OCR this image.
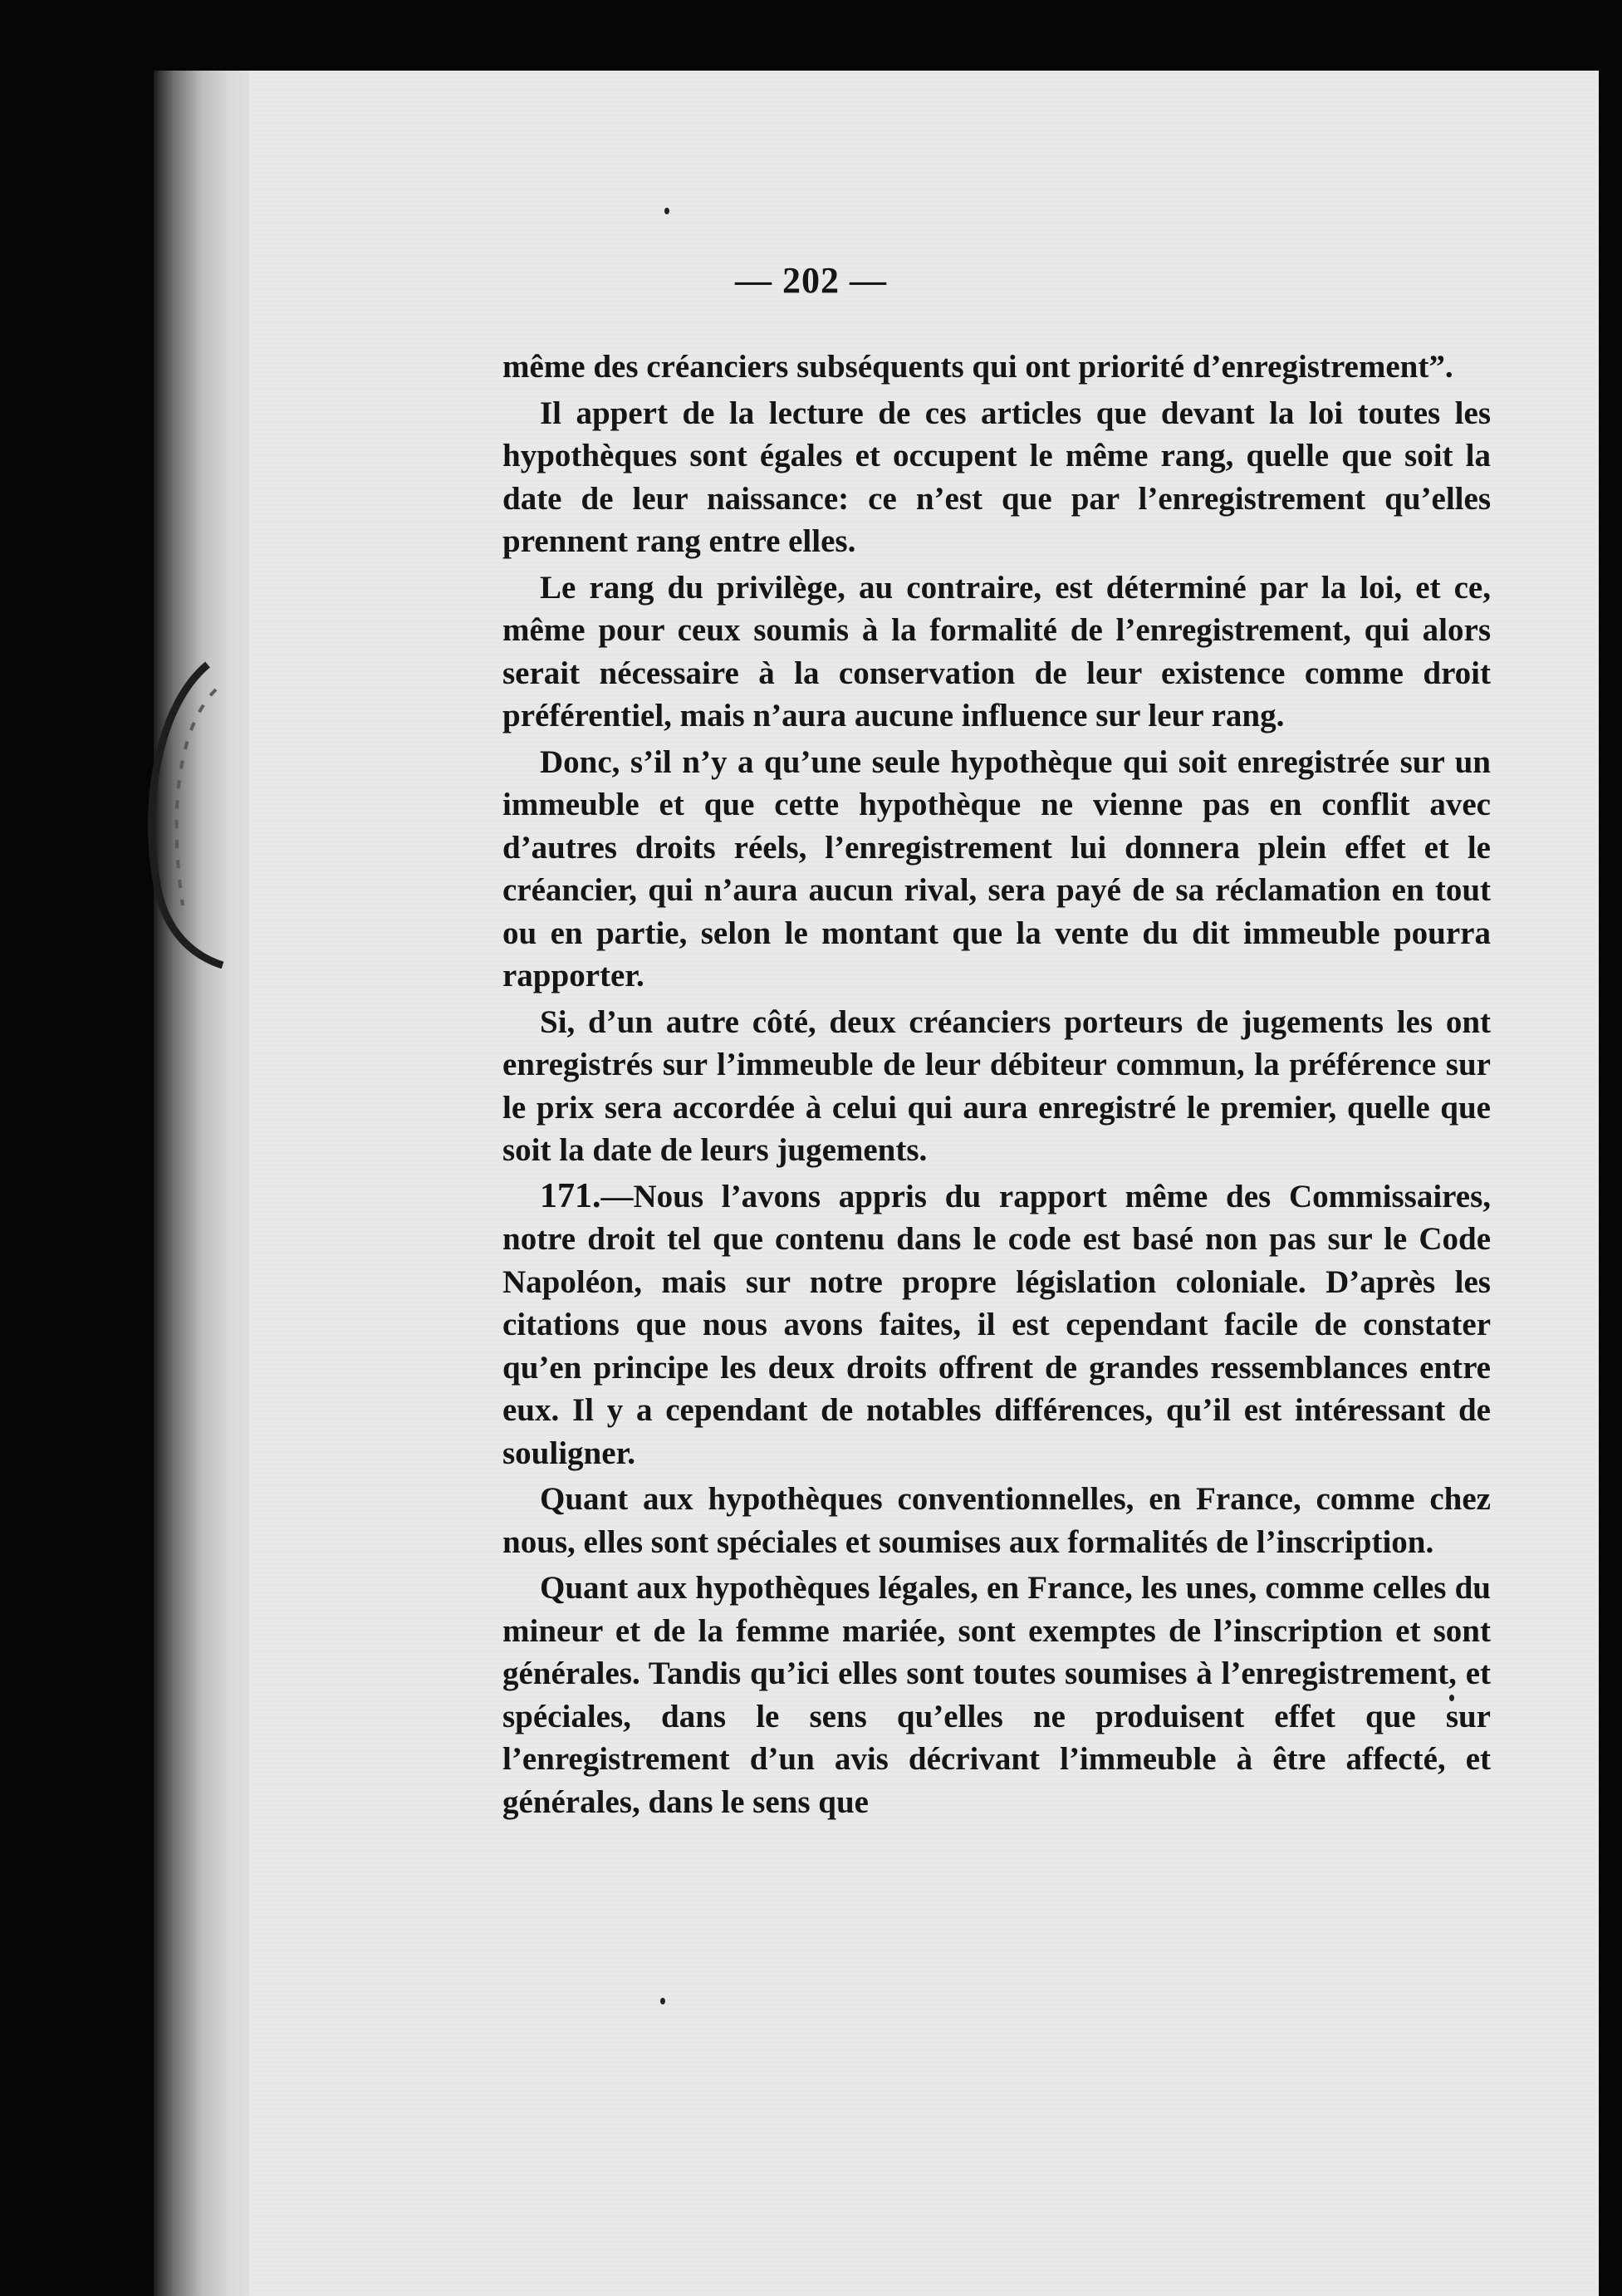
— 202 —

même des créanciers subséquents qui ont priorité d’enregistrement”.

Il appert de la lecture de ces articles que devant la loi toutes les hypothèques sont égales et occupent le même rang, quelle que soit la date de leur naissance: ce n’est que par l’enregistrement qu’elles prennent rang entre elles.

Le rang du privilège, au contraire, est déterminé par la loi, et ce, même pour ceux soumis à la formalité de l’enregistrement, qui alors serait nécessaire à la conservation de leur existence comme droit préférentiel, mais n’aura aucune influence sur leur rang.

Donc, s’il n’y a qu’une seule hypothèque qui soit enregistrée sur un immeuble et que cette hypothèque ne vienne pas en conflit avec d’autres droits réels, l’enregistrement lui donnera plein effet et le créancier, qui n’aura aucun rival, sera payé de sa réclamation en tout ou en partie, selon le montant que la vente du dit immeuble pourra rapporter.

Si, d’un autre côté, deux créanciers porteurs de jugements les ont enregistrés sur l’immeuble de leur débiteur commun, la préférence sur le prix sera accordée à celui qui aura enregistré le premier, quelle que soit la date de leurs jugements.

171.—Nous l’avons appris du rapport même des Commissaires, notre droit tel que contenu dans le code est basé non pas sur le Code Napoléon, mais sur notre propre législation coloniale. D’après les citations que nous avons faites, il est cependant facile de constater qu’en principe les deux droits offrent de grandes ressemblances entre eux. Il y a cependant de notables différences, qu’il est intéressant de souligner.

Quant aux hypothèques conventionnelles, en France, comme chez nous, elles sont spéciales et soumises aux formalités de l’inscription.

Quant aux hypothèques légales, en France, les unes, comme celles du mineur et de la femme mariée, sont exemptes de l’inscription et sont générales. Tandis qu’ici elles sont toutes soumises à l’enregistrement, et spéciales, dans le sens qu’elles ne produisent effet que sur l’enregistrement d’un avis décrivant l’immeuble à être affecté, et générales, dans le sens que
